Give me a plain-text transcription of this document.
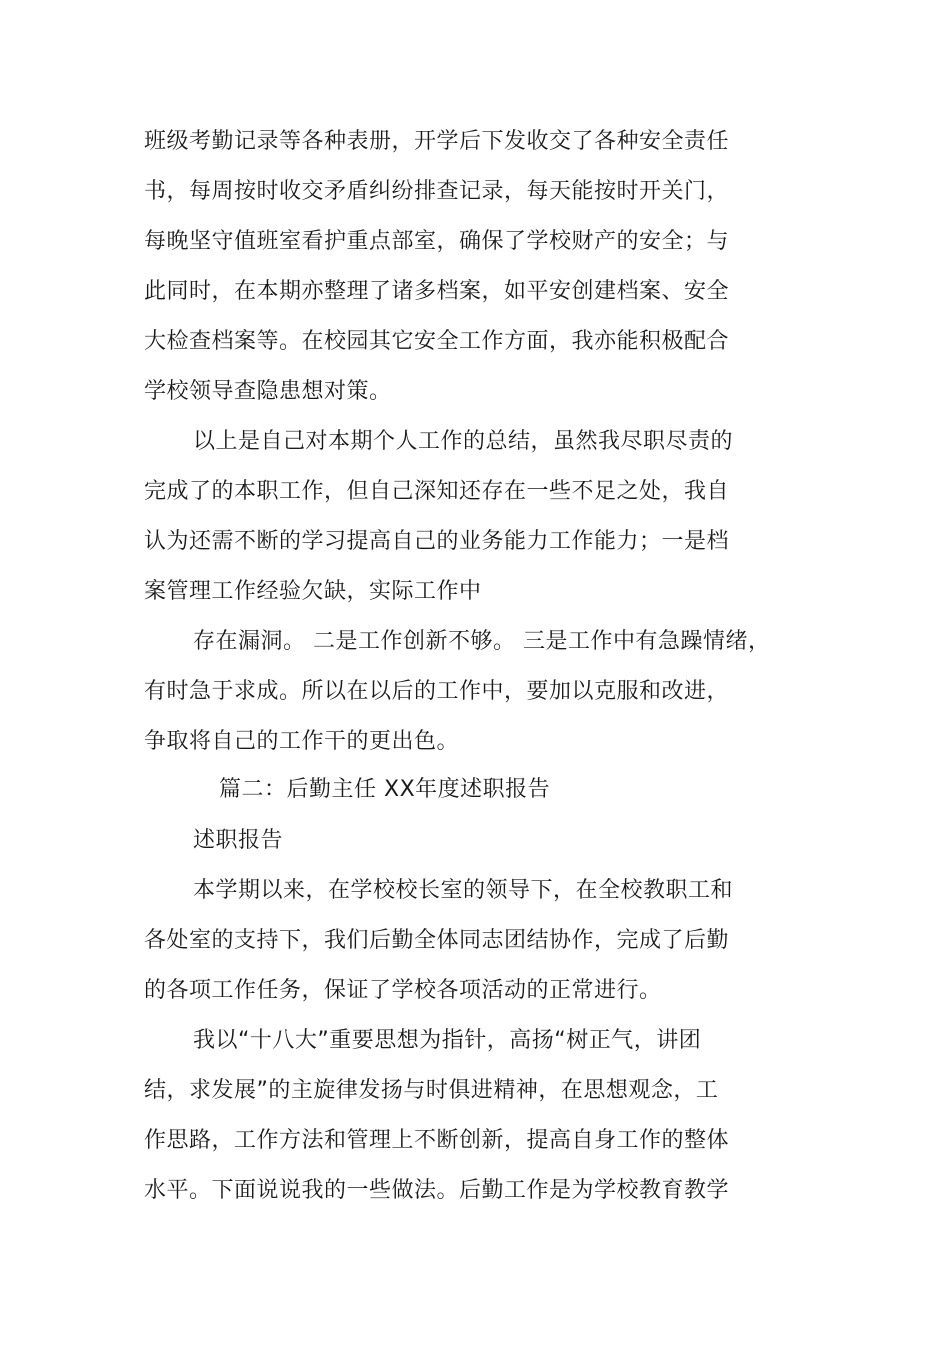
班级考勤记录等各种表册，开学后下发收交了各种安全责任
书，每周按时收交矛盾纠纷排查记录，每天能按时开关门，
每晚坚守值班室看护重点部室，确保了学校财产的安全；与
此同时，在本期亦整理了诸多档案，如平安创建档案、安全
大检查档案等。在校园其它安全工作方面，我亦能积极配合
学校领导查隐患想对策。
以上是自己对本期个人工作的总结，虽然我尽职尽责的
完成了的本职工作，但自己深知还存在一些不足之处，我自
认为还需不断的学习提高自己的业务能力工作能力；一是档
案管理工作经验欠缺，实际工作中
存在漏洞。 二是工作创新不够。 三是工作中有急躁情绪，
有时急于求成。所以在以后的工作中，要加以克服和改进，
争取将自己的工作干的更出色。
篇二：后勤主任 XX年度述职报告
述职报告
本学期以来，在学校校长室的领导下，在全校教职工和
各处室的支持下，我们后勤全体同志团结协作，完成了后勤
的各项工作任务，保证了学校各项活动的正常进行。
我以“十八大”重要思想为指针，高扬“树正气，讲团
结，求发展”的主旋律发扬与时俱进精神，在思想观念，工
作思路，工作方法和管理上不断创新，提高自身工作的整体
水平。下面说说我的一些做法。后勤工作是为学校教育教学
